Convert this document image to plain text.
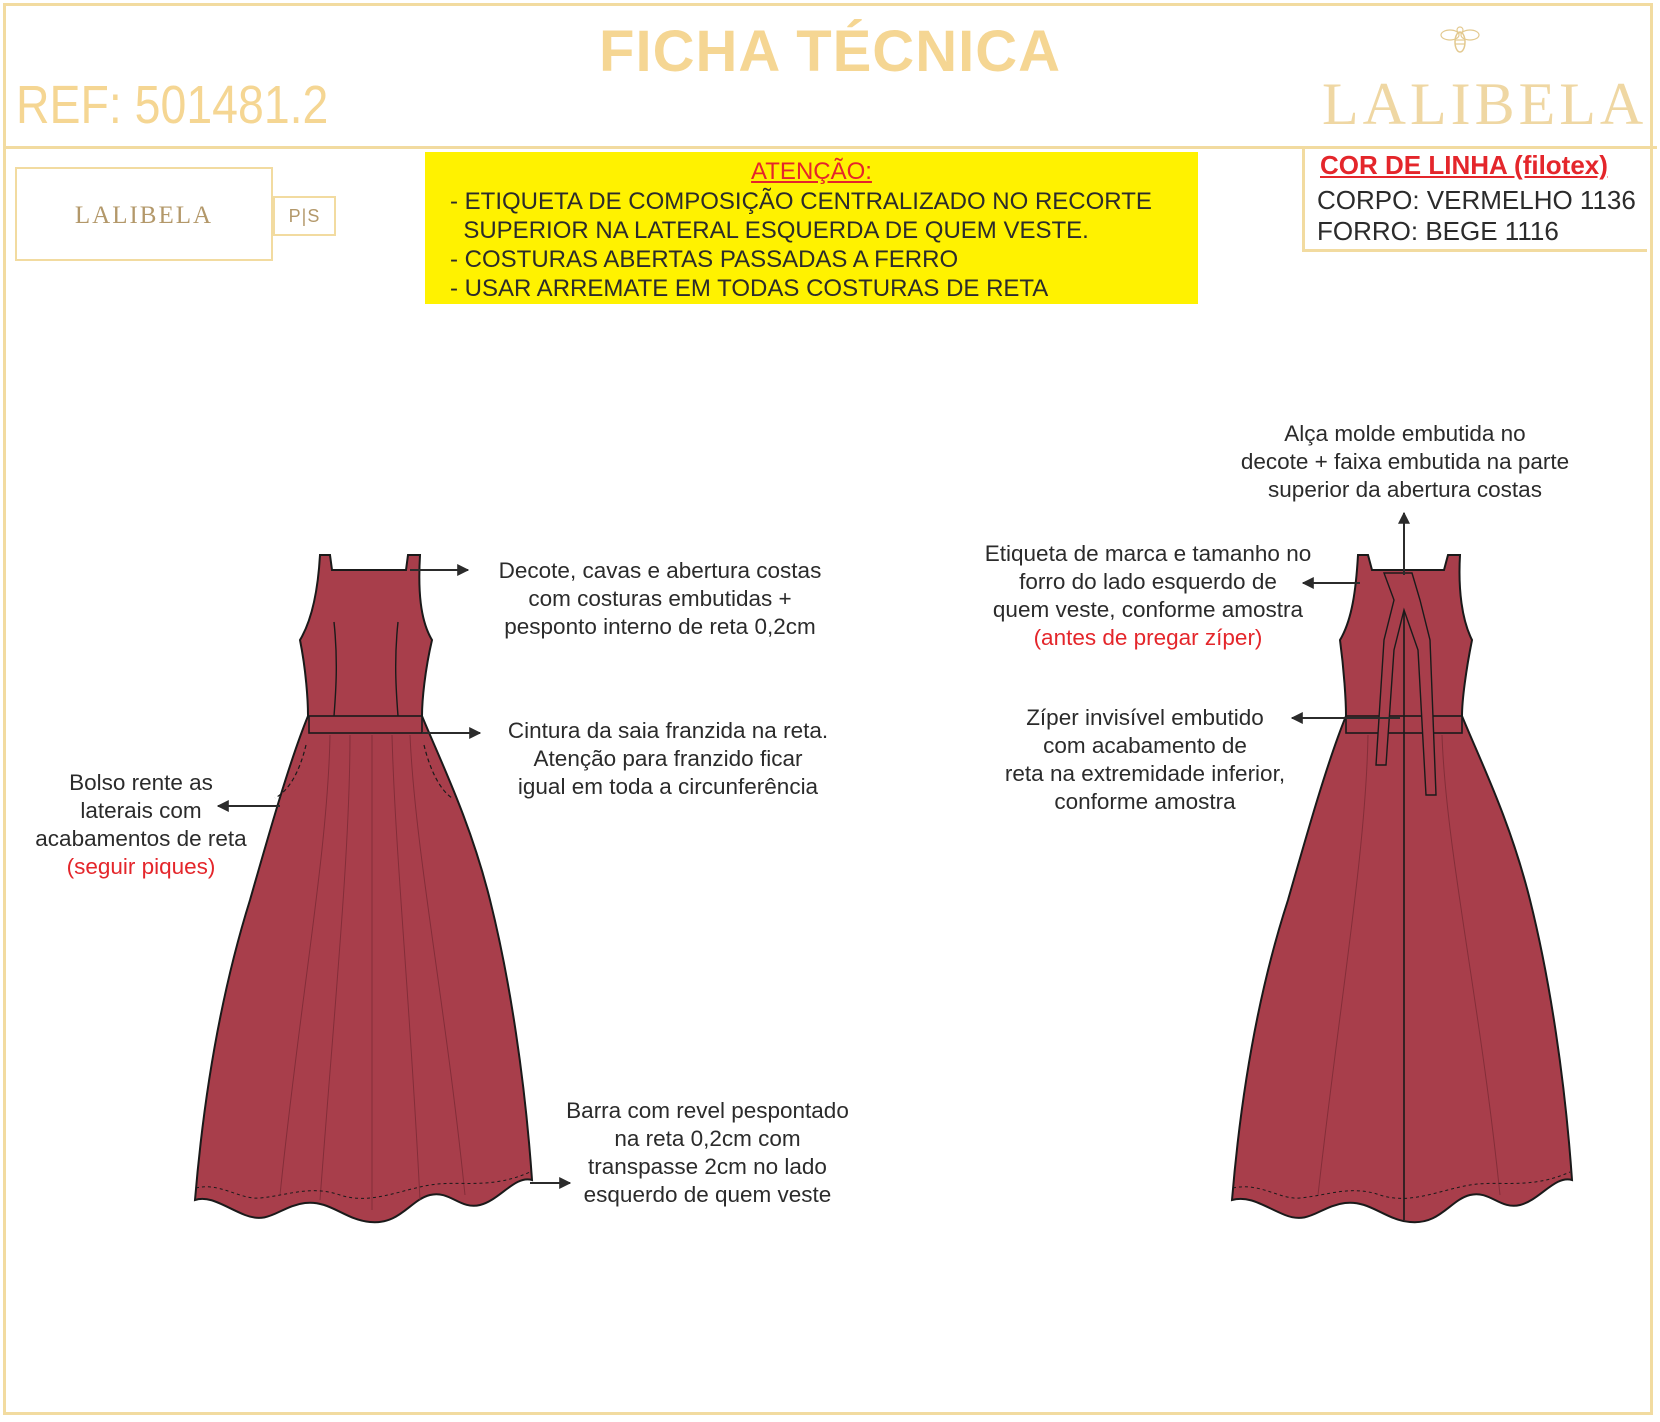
FICHA TÉCNICA
REF: 501481.2	LALIBELA
LALIBELA	P|S
ATENÇÃO:
- ETIQUETA DE COMPOSIÇÃO CENTRALIZADO NO RECORTE
SUPERIOR NA LATERAL ESQUERDA DE QUEM VESTE.
- COSTURAS ABERTAS PASSADAS A FERRO
- USAR ARREMATE EM TODAS COSTURAS DE RETA
COR DE LINHA (filotex)
CORPO: VERMELHO 1136
FORRO: BEGE 1116
Decote, cavas e abertura costas
com costuras embutidas +
pesponto interno de reta 0,2cm
Cintura da saia franzida na reta.
Atenção para franzido ficar
igual em toda a circunferência
Bolso rente as
laterais com
acabamentos de reta
(seguir piques)
Barra com revel pespontado
na reta 0,2cm com
transpasse 2cm no lado
esquerdo de quem veste
Alça molde embutida no
decote + faixa embutida na parte
superior da abertura costas
Etiqueta de marca e tamanho no
forro do lado esquerdo de
quem veste, conforme amostra
(antes de pregar zíper)
Zíper invisível embutido
com acabamento de
reta na extremidade inferior,
conforme amostra
